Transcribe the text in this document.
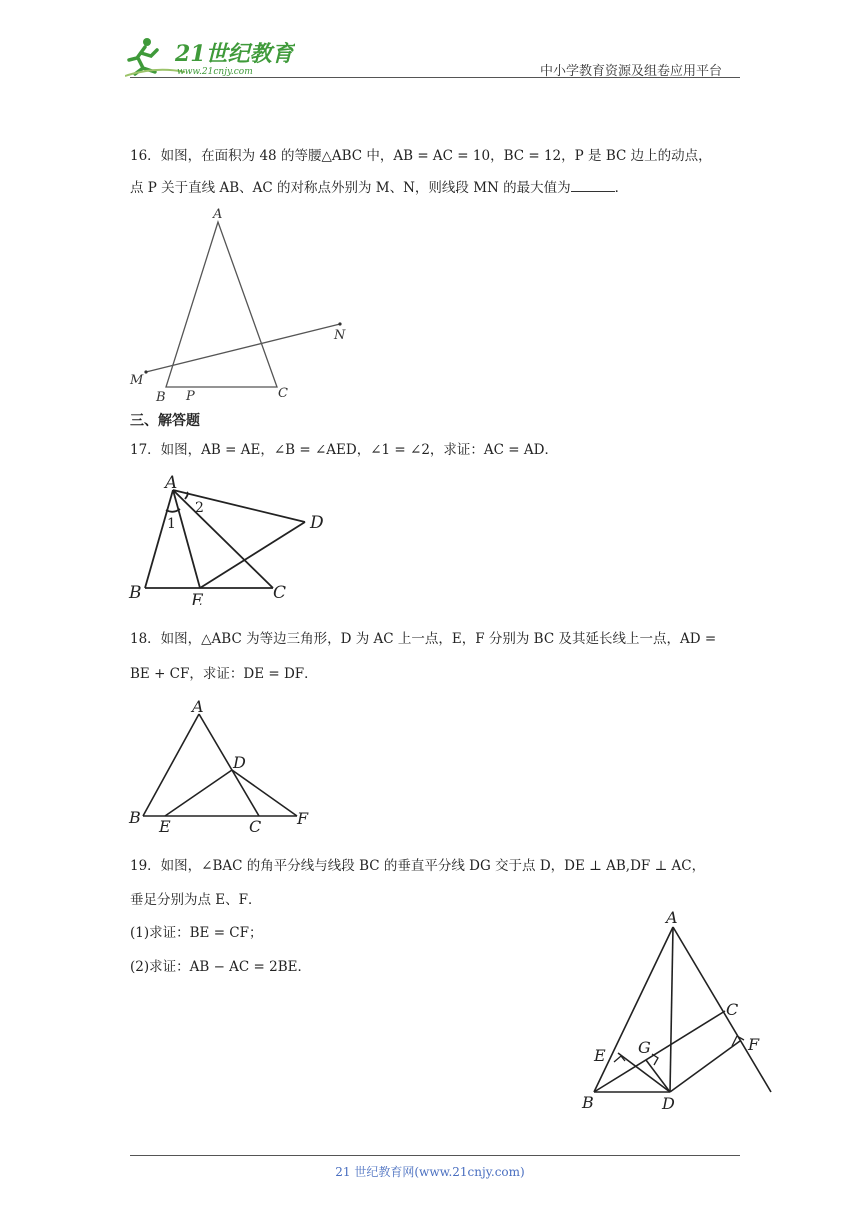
21世纪教育
www.21cnjy.com	中小学教育资源及组卷应用平台
16．如图，在面积为 48 的等腰△ABC 中，AB = AC = 10，BC = 12，P 是 BC 边上的动点，
点 P 关于直线 AB、AC 的对称点外别为 M、N，则线段 MN 的最大值为	．
A
B	C
P
M
N
三、解答题
17．如图，AB = AE，∠B = ∠AED，∠1 = ∠2，求证：AC = AD．
A
B	C
D
E
1
2
18．如图，△ABC 为等边三角形，D 为 AC 上一点，E，F 分别为 BC 及其延长线上一点，AD =
BE + CF，求证：DE = DF．
A
B	C
D
E	F
19．如图，∠BAC 的角平分线与线段 BC 的垂直平分线 DG 交于点 D，DE ⊥ AB,DF ⊥ AC，
垂足分别为点 E、F．
(1)求证：BE = CF；
(2)求证：AB − AC = 2BE．
A
B
C
D
E
F
G
21 世纪教育网(www.21cnjy.com)
